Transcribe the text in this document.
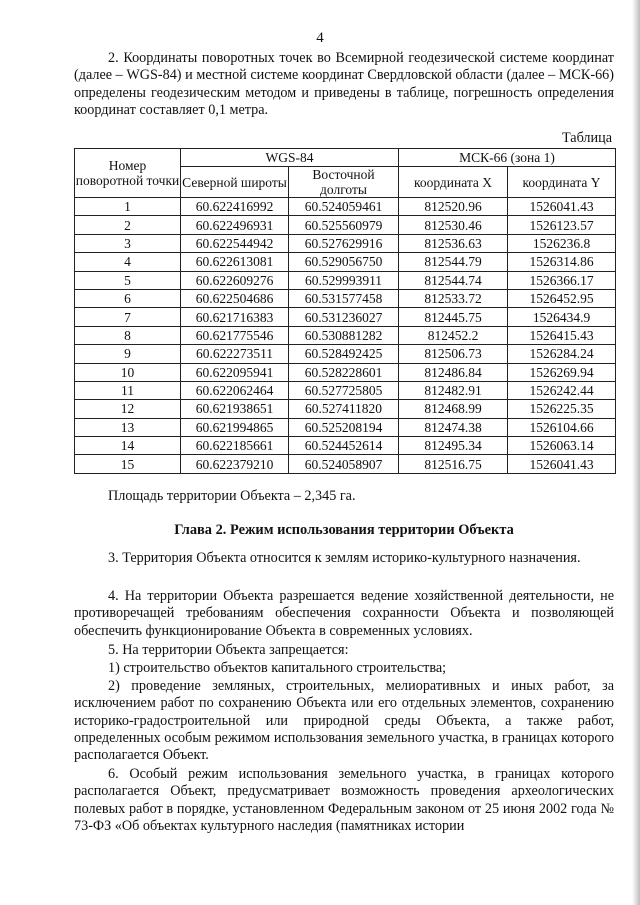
4

2. Координаты поворотных точек во Всемирной геодезической системе координат (далее – WGS-84) и местной системе координат Свердловской области (далее – МСК-66) определены геодезическим методом и приведены в таблице, погрешность определения координат составляет 0,1 метра.

Таблица
Номер поворотной точки	WGS-84		МСК-66 (зона 1)	
	Северной широты	Восточной долготы	координата X	координата Y
1	60.622416992	60.524059461	812520.96	1526041.43
2	60.622496931	60.525560979	812530.46	1526123.57
3	60.622544942	60.527629916	812536.63	1526236.8
4	60.622613081	60.529056750	812544.79	1526314.86
5	60.622609276	60.529993911	812544.74	1526366.17
6	60.622504686	60.531577458	812533.72	1526452.95
7	60.621716383	60.531236027	812445.75	1526434.9
8	60.621775546	60.530881282	812452.2	1526415.43
9	60.622273511	60.528492425	812506.73	1526284.24
10	60.622095941	60.528228601	812486.84	1526269.94
11	60.622062464	60.527725805	812482.91	1526242.44
12	60.621938651	60.527411820	812468.99	1526225.35
13	60.621994865	60.525208194	812474.38	1526104.66
14	60.622185661	60.524452614	812495.34	1526063.14
15	60.622379210	60.524058907	812516.75	1526041.43
Площадь территории Объекта – 2,345 га.
Глава 2. Режим использования территории Объекта

3. Территория Объекта относится к землям историко-культурного назначения.

4. На территории Объекта разрешается ведение хозяйственной деятельности, не противоречащей требованиям обеспечения сохранности Объекта и позволяющей обеспечить функционирование Объекта в современных условиях.

5. На территории Объекта запрещается:

1) строительство объектов капитального строительства;

2) проведение земляных, строительных, мелиоративных и иных работ, за исключением работ по сохранению Объекта или его отдельных элементов, сохранению историко-градостроительной или природной среды Объекта, а также работ, определенных особым режимом использования земельного участка, в границах которого располагается Объект.

6. Особый режим использования земельного участка, в границах которого располагается Объект, предусматривает возможность проведения археологических полевых работ в порядке, установленном Федеральным законом от 25 июня 2002 года № 73-ФЗ «Об объектах культурного наследия (памятниках истории
